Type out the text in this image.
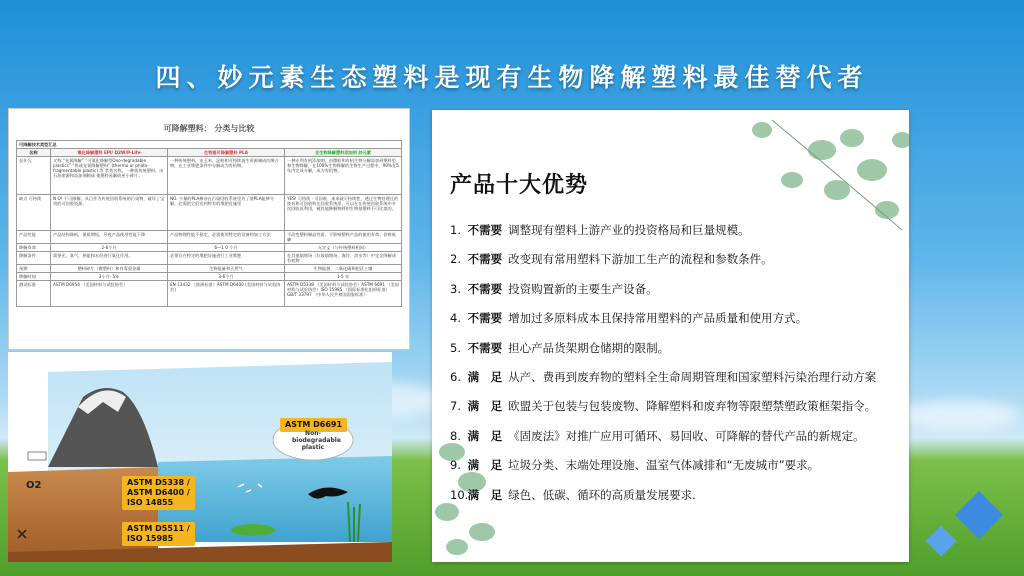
四、妙元素生态塑料是现有生物降解塑料最佳替代者
可降解塑料： 分类与比较
可降解技术类型汇总			
名称	氧化降解塑料 EPI/ D2W/P-Life	生物基可降解塑料 PLA	全生物降解塑料添加剂 妙元素
是什么	又称 “光氧降解” “可氧化降解型Oxo-degradable plastics” “热或光氧降解塑料” (thermo or photo-fragmentable plastic) 等 者类名称。一种依传统塑料，由石油来源和添加剂制成 使塑料易解成更小碎片。	一种传统塑料，由玉米、淀粉和可持续再生资源制成的聚合物，在工业堆肥条件中分解成为有机物。	一种专利有机添加剂，由微粒和有机生物分解添加到塑料里和生物降解，在100%生物降解的生物生产过程中，90%在5年内完成分解，成为有机物。
缺点 可持续	N O! 不可降解。具目作为传统回收系统的污染物，破坏了宝贵的可回收资源。	NO. 少量的PLA掺杂在污染回收系统里为了使PLA能够分解，必需把它们送到特有的堆肥设施里	YES! 可持续 · 可回收、本来就可持续性，透过生物处理过的废弃和可回收料在回收系统里，可以在在传统回收系统中多次回收再利用，被其他降解物料和生物基塑料不可比拟的。
产品性能	产品结构降低，保质期短，导致产品使用性能下降	产品物理性能不稳定，必需使用特定的设备和加工方法	不改变塑料制品性质、不影响塑料产品的使用寿命；价格低廉
降解寿命	2-6个月	6—1 0 个月	无定义（与传统塑料相同）
降解条件	需要光、氧气、热能和水份进行氧化作用。	必须存在特定的堆肥设施进行工业堆肥	在其他填埋场（垃圾填埋场、海洋、淡水等）中完全降解成有机物
预期	塑料碎片（微塑料）和有毒重金属	生物能量和天然气	生物能源、二氧化碳和肥沃土壤
降解时间	3个月- 5年	3-6个月	1-5 年
测试标准	ASTM D6954 （美国材料与试验协会）	EN 13432 （欧洲标准）ASTM D6400 (美国材料与试验协会)	ASTM D5338 （美国材料与试验协会）ASTM 6691 （美国材料与试验协会）ISO 15985 （国际标准化组织标准）GB/T 33797 （中华人民共和国国家标准）
ASTM D6691
Non-
biodegradable
plastic
O2	ASTM D5338 /
ASTM D6400 /
ISO 14855
ASTM D5511 /
ISO 15985
产品十大优势
1. 不需要 调整现有塑料上游产业的投资格局和巨量规模。
2. 不需要 改变现有常用塑料下游加工生产的流程和参数条件。
3. 不需要 投资购置新的主要生产设备。
4. 不需要 增加过多原料成本且保持常用塑料的产品质量和使用方式。
5. 不需要 担心产品货架期仓储期的限制。
6. 满　足 从产、费再到废弃物的塑料全生命周期管理和国家塑料污染治理行动方案
7. 满　足 欧盟关于包装与包装废物、降解塑料和废弃物等限塑禁塑政策框架指令。
8. 满　足 《固废法》对推广应用可循环、易回收、可降解的替代产品的新规定。
9. 满　足 垃圾分类、末端处理设施、温室气体减排和“无废城市”要求。
10. 满　足 绿色、低碳、循环的高质量发展要求.
